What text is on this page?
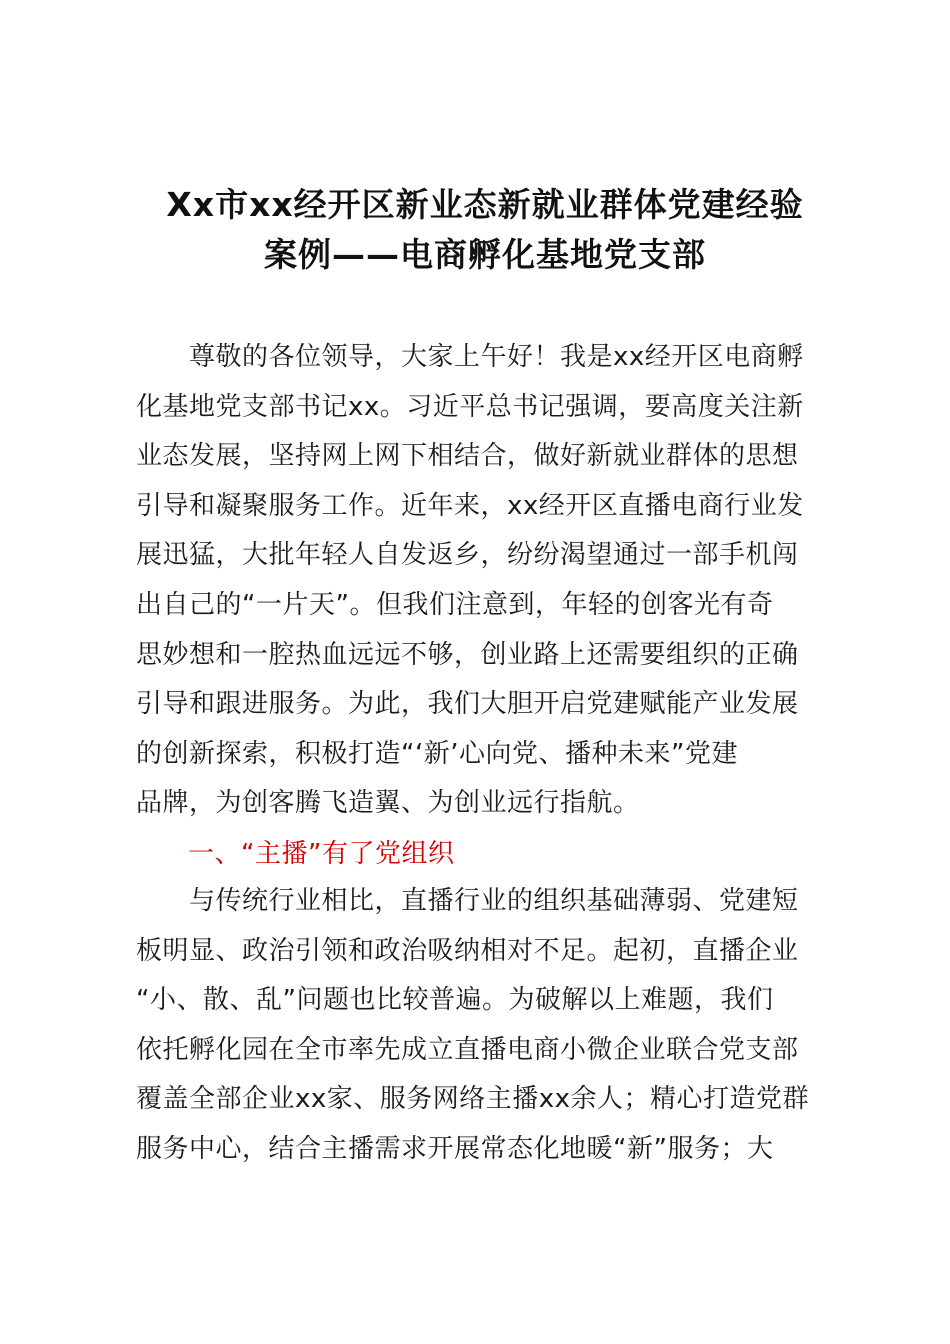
Xx市xx经开区新业态新就业群体党建经验
案例——电商孵化基地党支部
　　尊敬的各位领导，大家上午好！我是xx经开区电商孵
化基地党支部书记xx。习近平总书记强调，要高度关注新
业态发展，坚持网上网下相结合，做好新就业群体的思想
引导和凝聚服务工作。近年来，xx经开区直播电商行业发
展迅猛，大批年轻人自发返乡，纷纷渴望通过一部手机闯
出自己的“一片天”。但我们注意到，年轻的创客光有奇
思妙想和一腔热血远远不够，创业路上还需要组织的正确
引导和跟进服务。为此，我们大胆开启党建赋能产业发展
的创新探索，积极打造“‘新’心向党、播种未来”党建
品牌，为创客腾飞造翼、为创业远行指航。
一、“主播”有了党组织
　　与传统行业相比，直播行业的组织基础薄弱、党建短
板明显、政治引领和政治吸纳相对不足。起初，直播企业
“小、散、乱”问题也比较普遍。为破解以上难题，我们
依托孵化园在全市率先成立直播电商小微企业联合党支部
覆盖全部企业xx家、服务网络主播xx余人；精心打造党群
服务中心，结合主播需求开展常态化地暖“新”服务；大
